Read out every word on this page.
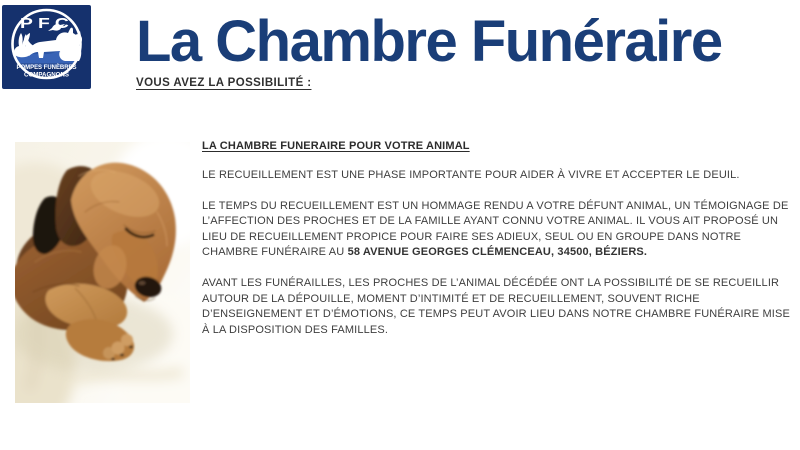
PFC
POMPES FUNÈBRES
COMPAGNONS
La Chambre Funéraire
VOUS AVEZ LA POSSIBILITÉ :
LA CHAMBRE FUNERAIRE POUR VOTRE ANIMAL

LE RECUEILLEMENT EST UNE PHASE IMPORTANTE POUR AIDER À VIVRE ET ACCEPTER LE DEUIL.

LE TEMPS DU RECUEILLEMENT EST UN HOMMAGE RENDU A VOTRE DÉFUNT ANIMAL, UN TÉMOIGNAGE DE L’AFFECTION DES PROCHES ET DE LA FAMILLE AYANT CONNU VOTRE ANIMAL. IL VOUS AIT PROPOSÉ UN LIEU DE RECUEILLEMENT PROPICE POUR FAIRE SES ADIEUX, SEUL OU EN GROUPE DANS NOTRE CHAMBRE FUNÉRAIRE AU 58 AVENUE GEORGES CLÉMENCEAU, 34500, BÉZIERS.

AVANT LES FUNÉRAILLES, LES PROCHES DE L’ANIMAL DÉCÉDÉE ONT LA POSSIBILITÉ DE SE RECUEILLIR AUTOUR DE LA DÉPOUILLE, MOMENT D’INTIMITÉ ET DE RECUEILLEMENT, SOUVENT RICHE D’ENSEIGNEMENT ET D’ÉMOTIONS, CE TEMPS PEUT AVOIR LIEU DANS NOTRE CHAMBRE FUNÉRAIRE MISE À LA DISPOSITION DES FAMILLES.
